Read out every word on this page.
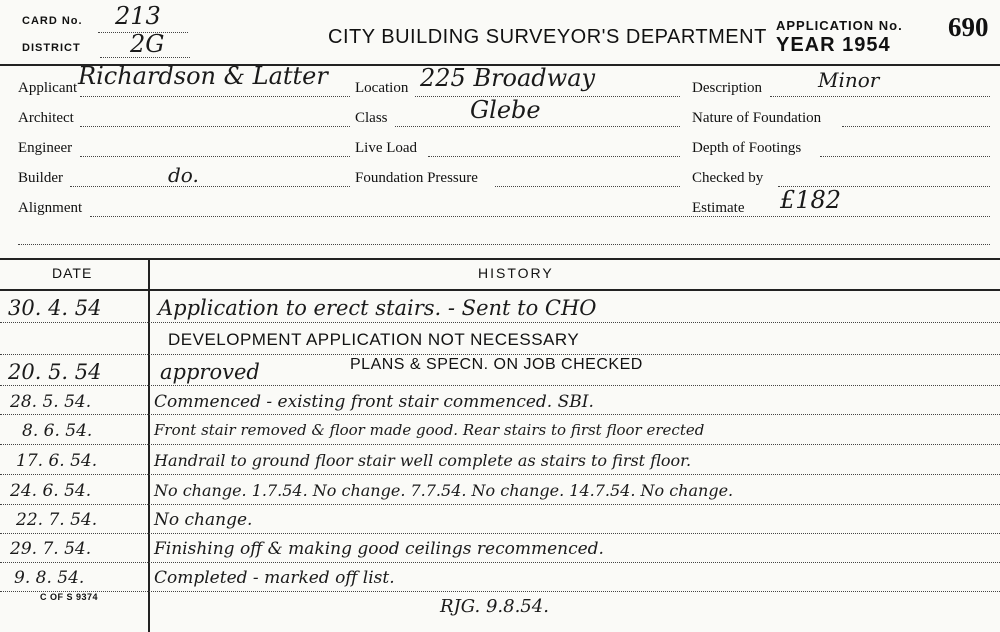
CARD No. 213
DISTRICT 2G	CITY BUILDING SURVEYOR'S DEPARTMENT
APPLICATION No.
YEAR 1954
690
Applicant Richardson & Latter
Architect
Engineer
Builder	do.
Alignment
Location 225 Broadway
Class	Glebe
Live Load
Foundation Pressure
Description	Minor
Nature of Foundation
Depth of Footings
Checked by
Estimate £182
DATE	HISTORY
30. 4. 54	Application to erect stairs. - Sent to CHO
DEVELOPMENT APPLICATION NOT NECESSARY
20. 5. 54	approved	PLANS & SPECN. ON JOB CHECKED
28. 5. 54.	Commenced - existing front stair commenced. SBI.
8. 6. 54.	Front stair removed & floor made good. Rear stairs to first floor erected
17. 6. 54.	Handrail to ground floor stair well complete as stairs to first floor.
24. 6. 54.	No change. 1.7.54. No change. 7.7.54. No change. 14.7.54. No change.
22. 7. 54.	No change.
29. 7. 54.	Finishing off & making good ceilings recommenced.
9. 8. 54.	Completed - marked off list.
C OF S 9374	RJG. 9.8.54.
